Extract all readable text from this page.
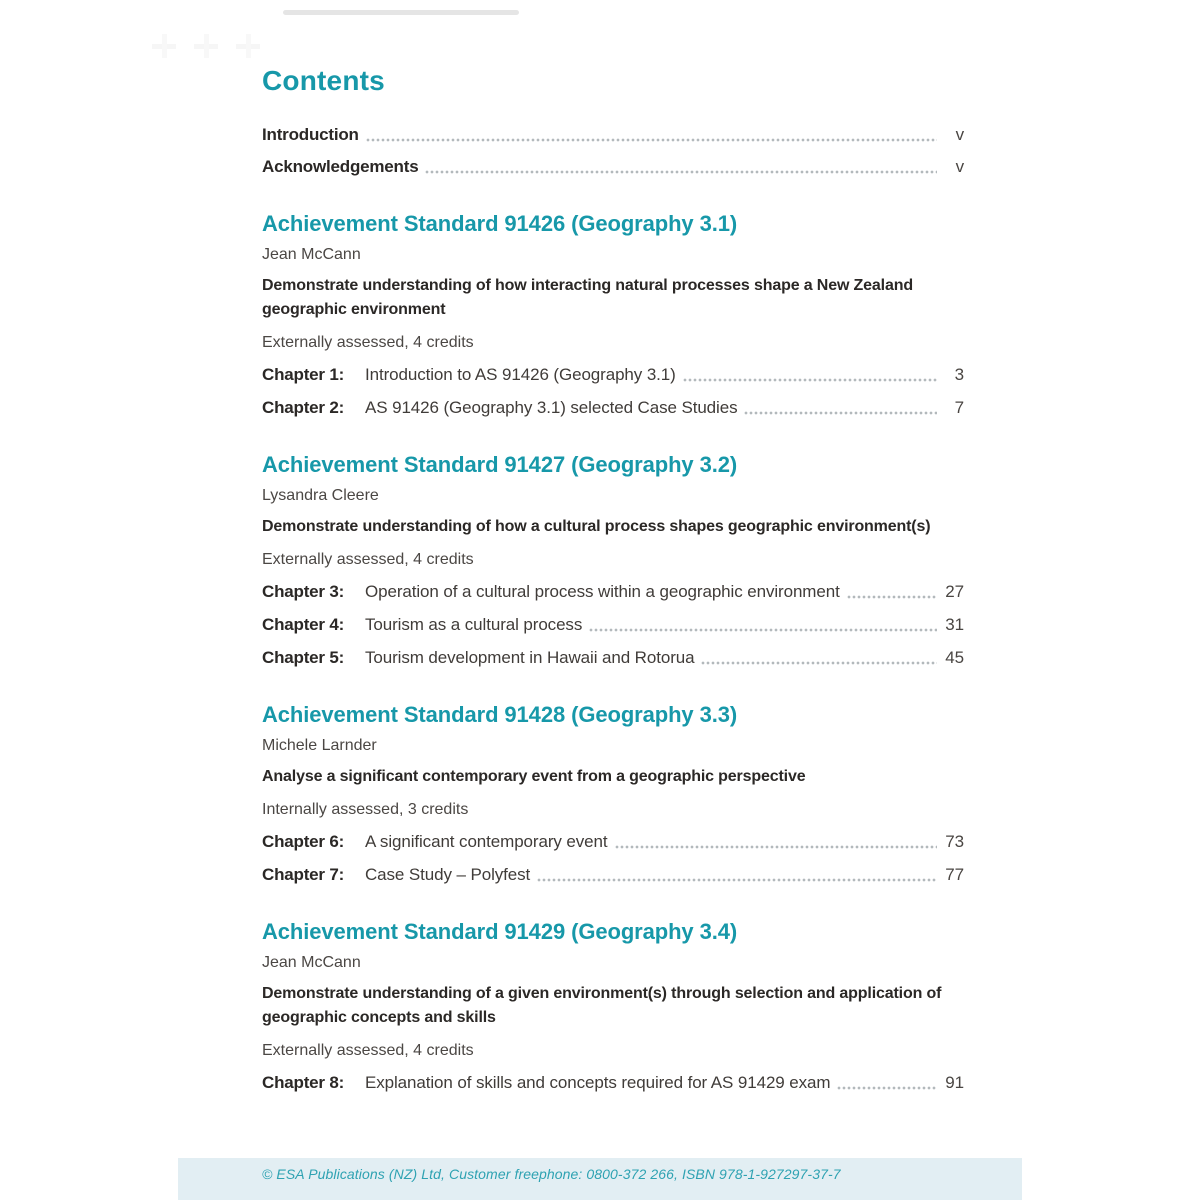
Contents
Introduction	v
Acknowledgements	v
Achievement Standard 91426 (Geography 3.1)
Jean McCann
Demonstrate understanding of how interacting natural processes shape a New Zealand geographic environment
Externally assessed, 4 credits
Chapter 1:	Introduction to AS 91426 (Geography 3.1)	3
Chapter 2:	AS 91426 (Geography 3.1) selected Case Studies	7
Achievement Standard 91427 (Geography 3.2)
Lysandra Cleere
Demonstrate understanding of how a cultural process shapes geographic environment(s)
Externally assessed, 4 credits
Chapter 3:	Operation of a cultural process within a geographic environment	27
Chapter 4:	Tourism as a cultural process	31
Chapter 5:	Tourism development in Hawaii and Rotorua	45
Achievement Standard 91428 (Geography 3.3)
Michele Larnder
Analyse a significant contemporary event from a geographic perspective
Internally assessed, 3 credits
Chapter 6:	A significant contemporary event	73
Chapter 7:	Case Study – Polyfest	77
Achievement Standard 91429 (Geography 3.4)
Jean McCann
Demonstrate understanding of a given environment(s) through selection and application of geographic concepts and skills
Externally assessed, 4 credits
Chapter 8:	Explanation of skills and concepts required for AS 91429 exam	91
© ESA Publications (NZ) Ltd, Customer freephone: 0800-372 266, ISBN 978-1-927297-37-7
